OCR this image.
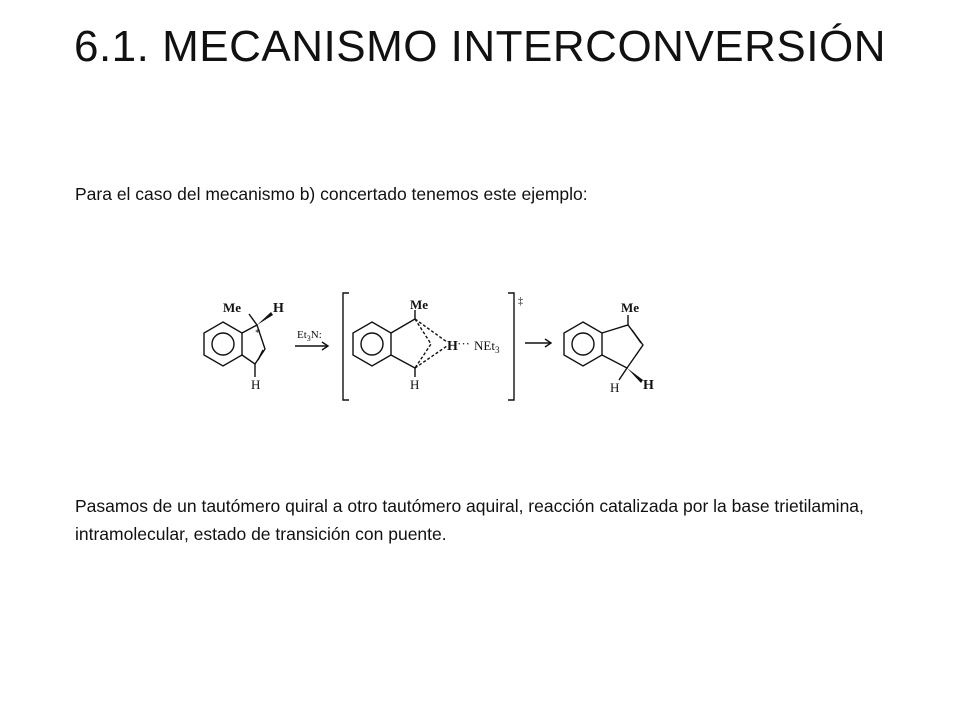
6.1. MECANISMO INTERCONVERSIÓN
Para el caso del mecanismo b) concertado tenemos este ejemplo:
Me H
*
H
$Et_3N$:
‡
Me
H
H ··· NEt$_3$
Me
H H
Pasamos de un tautómero quiral a otro tautómero aquiral, reacción catalizada por la base trietilamina, intramolecular, estado de transición con puente.
